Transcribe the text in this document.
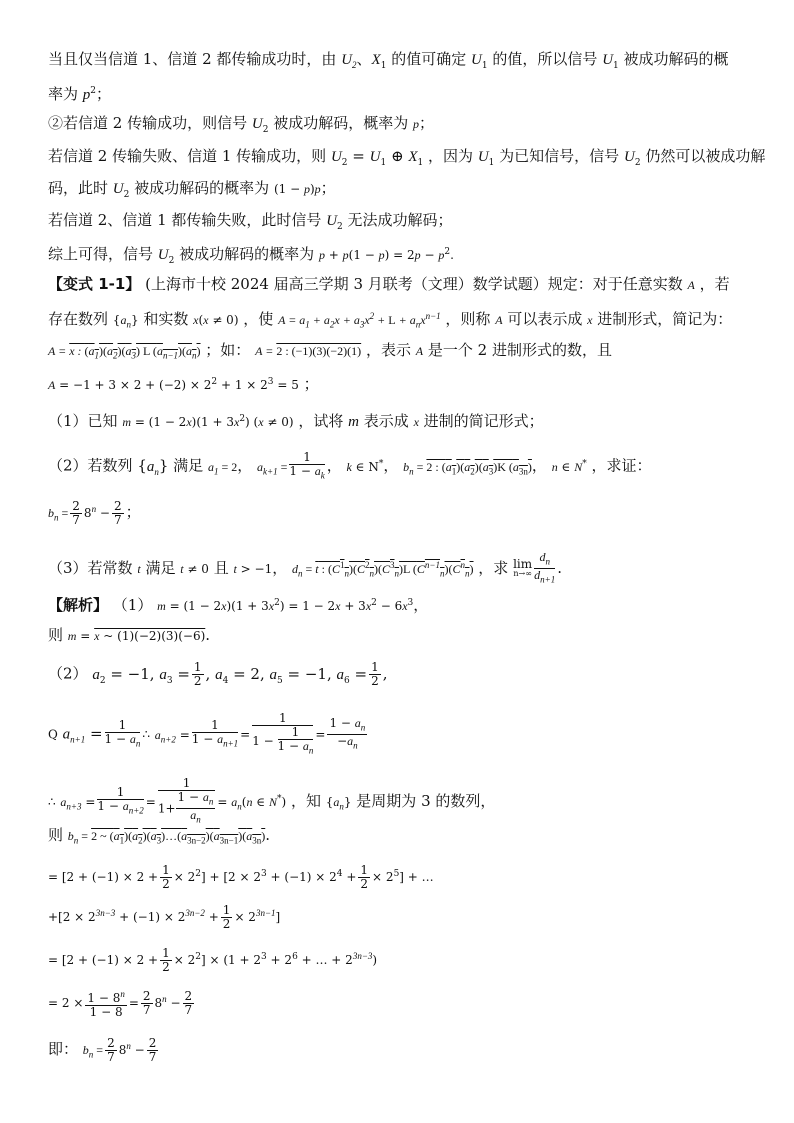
当且仅当信道 1、信道 2 都传输成功时，由 $U_2$、$X_1$ 的值可确定 $U_1$ 的值，所以信号 $U_1$ 被成功解码的概
率为 $p^2$；
②若信道 2 传输成功，则信号 $U_2$ 被成功解码，概率为 p；
若信道 2 传输失败、信道 1 传输成功，则 $U_2 = U_1$ ⊕ $X_1$ ，因为 $U_1$ 为已知信号，信号 $U_2$ 仍然可以被成功解
码，此时 $U_2$ 被成功解码的概率为 (1 − p)p；
若信道 2、信道 1 都传输失败，此时信号 $U_2$ 无法成功解码；
综上可得，信号 $U_2$ 被成功解码的概率为 $p + p(1 - p) = 2p - p^2$.
【变式 1-1】 (上海市十校 2024 届高三学期 3 月联考（文理）数学试题）规定：对于任意实数 A ，若
存在数列 $\{a_n\}$ 和实数 x(x ≠ 0) ，使 $A = a_1 + a_2x + a_3x^2 + L + a_nx^{n-1}$ ，则称 A 可以表示成 x 进制形式，简记为：
A = x : $(a_1)(a_2)(a_3)$ L $(a_{n-1})(a_n)$ ；如： A = 2 : (−1)(3)(−2)(1) ，表示 A 是一个 2 进制形式的数，且
$A = -1 + 3 \times 2 + (-2) \times 2^2 + 1 \times 2^3 = 5$ ；
（1）已知 $m = (1 - 2x)(1 + 3x^2)$ (x ≠ 0) ，试将 m 表示成 x 进制的简记形式；
（2）若数列 $\{a_n\}$ 满足 $a_1 = 2$， $a_{k+1} = \frac{1}{1 - a_k}$ ， k ∈ N*， $b_n = 2$ : $(a_1)(a_2)(a_3)K$ $(a_{3n})$， n ∈ N* ，求证：
$b_n = \frac{2}{7} 8^n - \frac{2}{7}$ ；
（3）若常数 t 满足 t ≠ 0 且 t > −1， $d_n = t$ : $(C^1_n)(C^2_n)(C^3_n)L$ $(C^{n-1}_n)(C^n_n)$ ，求 lim
$n\to\infty \frac{d_n}{d_{n+1}}$ .
【解析】 （1） $m = (1 - 2x)(1 + 3x^2) = 1 - 2x + 3x^2 - 6x^3$，
则 m = x ~ (1)(−2)(3)(−6).
（2） $a_2 = -1$, $a_3 = \frac{1}{2}$ , $a_4 = 2$, $a_5 = -1$, $a_6 = \frac{1}{2}$ ,
Q $a_{n+1} = \frac{1}{1 - a_n}$ ∴ $a_{n+2} = \frac{1}{1 - a_{n+1}} = \frac{1}{1 - \frac{1}{1 - a_n}} = \frac{1 - a_n}{-a_n}$
∴ $a_{n+3} = \frac{1}{1 - a_{n+2}} = \frac{1}{1+ \frac{1 - a_n}{a_n}} = a_n(n$ ∈ N*) ，知 $\{a_n\}$ 是周期为 3 的数列，
则 $b_n = 2$ ~ $(a_1)(a_2)(a_3)\dots(a_{3n-2})(a_{3n-1})(a_{3n})$.
= $[2 + (-1) \times 2 + \frac{1}{2} \times 2^2] + [2 \times 2^3 + (-1) \times 2^4 + \frac{1}{2} \times 2^5]$ + …
$+[2 \times 2^{3n-3} + (-1) \times 2^{3n-2} + \frac{1}{2} \times 2^{3n-1}]$
= $[2 + (-1) \times 2 + \frac{1}{2} \times 2^2] \times (1 + 2^3 + 2^6$ + … + $2^{3n-3}$)
= $2 \times \frac{1 - 8^n}{1 - 8} = \frac{2}{7} 8^n - \frac{2}{7}$
即： $b_n = \frac{2}{7} 8^n - \frac{2}{7}$
